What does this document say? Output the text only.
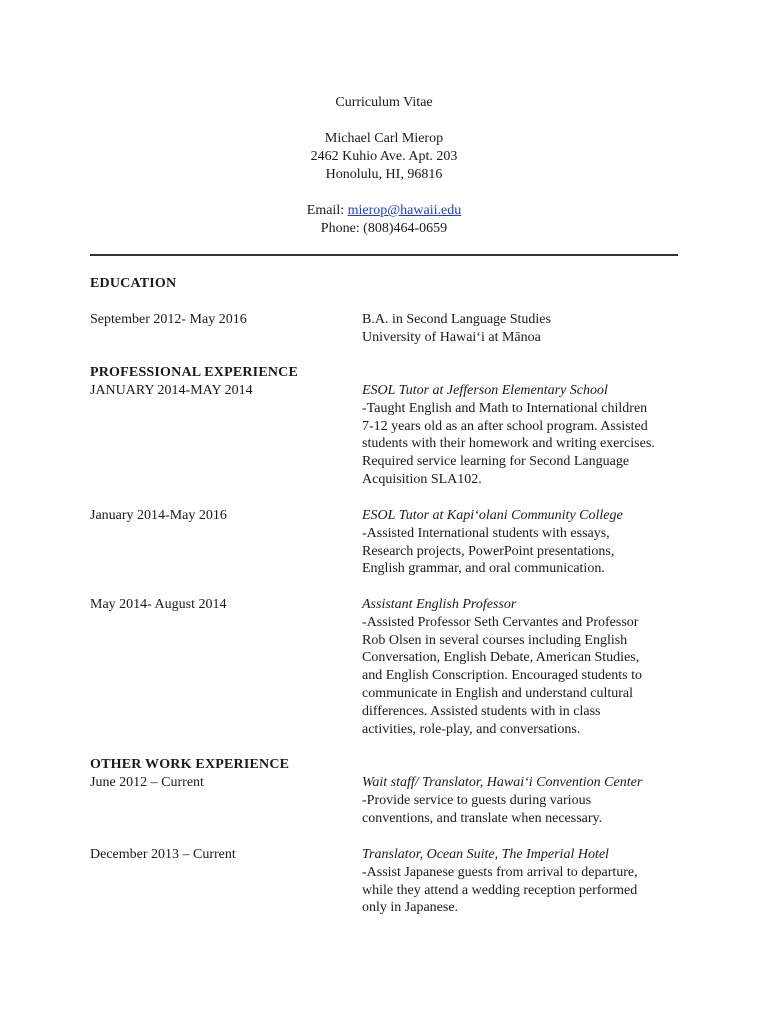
Curriculum Vitae
Michael Carl Mierop
2462 Kuhio Ave. Apt. 203
Honolulu, HI, 96816
Email: mierop@hawaii.edu
Phone: (808)464-0659
EDUCATION
September 2012- May 2016	B.A. in Second Language Studies
University of Hawaiʻi at Mānoa
PROFESSIONAL EXPERIENCE
JANUARY 2014-MAY 2014	ESOL Tutor at Jefferson Elementary School
-Taught English and Math to International children
7-12 years old as an after school program. Assisted
students with their homework and writing exercises.
Required service learning for Second Language
Acquisition SLA102.
January 2014-May 2016	ESOL Tutor at Kapiʻolani Community College
-Assisted International students with essays,
Research projects, PowerPoint presentations,
English grammar, and oral communication.
May 2014- August 2014	Assistant English Professor
-Assisted Professor Seth Cervantes and Professor
Rob Olsen in several courses including English
Conversation, English Debate, American Studies,
and English Conscription. Encouraged students to
communicate in English and understand cultural
differences. Assisted students with in class
activities, role-play, and conversations.
OTHER WORK EXPERIENCE
June 2012 – Current	Wait staff/ Translator, Hawaiʻi Convention Center
-Provide service to guests during various
conventions, and translate when necessary.
December 2013 – Current	Translator, Ocean Suite, The Imperial Hotel
-Assist Japanese guests from arrival to departure,
while they attend a wedding reception performed
only in Japanese.
